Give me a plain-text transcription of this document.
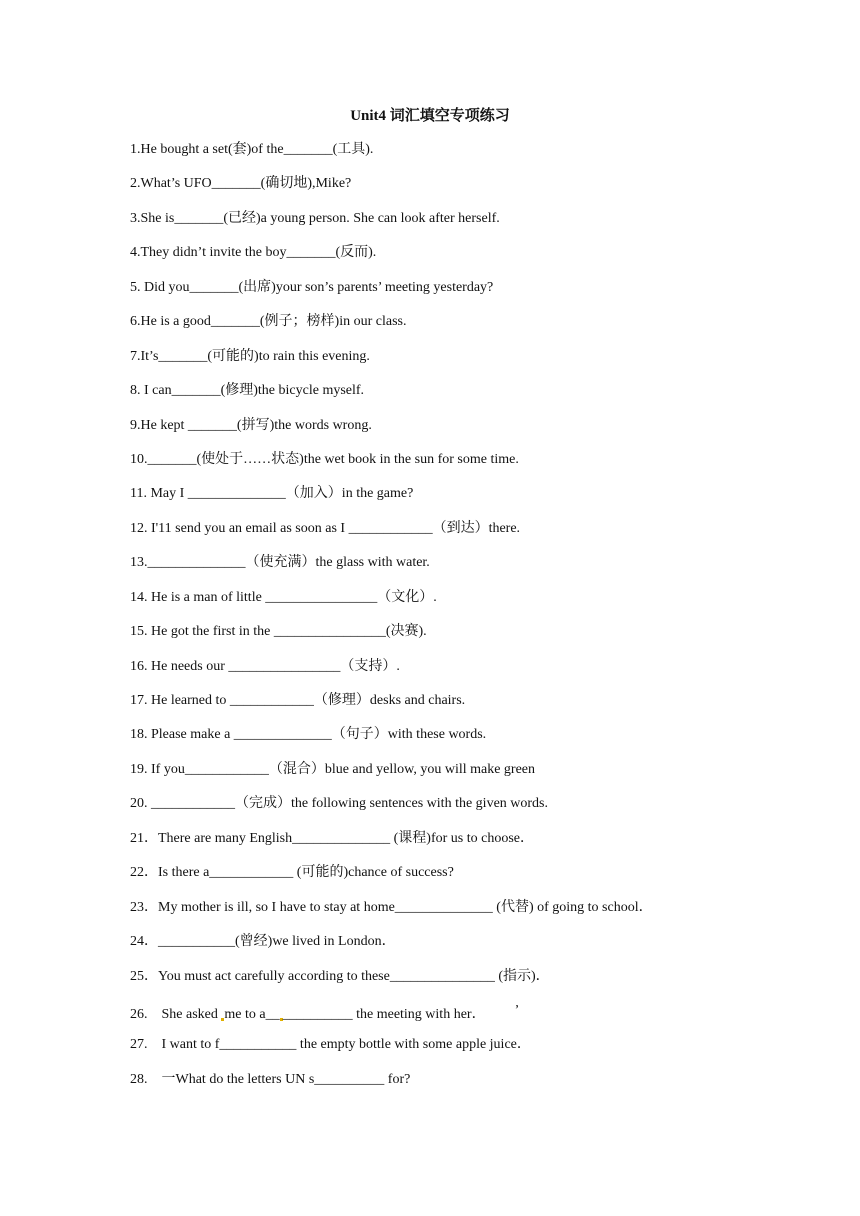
Unit4 词汇填空专项练习
1.He bought a set(套)of the_______(工具).
2.What’s UFO_______(确切地),Mike?
3.She is_______(已经)a young person. She can look after herself.
4.They didn’t invite the boy_______(反而).
5. Did you_______(出席)your son’s parents’ meeting yesterday?
6.He is a good_______(例子；榜样)in our class.
7.It’s_______(可能的)to rain this evening.
8. I can_______(修理)the bicycle myself.
9.He kept _______(拼写)the words wrong.
10._______(使处于……状态)the wet book in the sun for some time.
11. May I ______________（加入）in the game?
12. I'11 send you an email as soon as I ____________（到达）there.
13.______________（使充满）the glass with water.
14. He is a man of little ________________（文化）.
15. He got the first in the ________________(决赛).
16. He needs our ________________（支持）.
17. He learned to ____________（修理）desks and chairs.
18. Please make a ______________（句子）with these words.
19. If you____________（混合）blue and yellow, you will make green
20. ____________（完成）the following sentences with the given words.
21．There are many English______________ (课程)for us to choose．
22．Is there a____________ (可能的)chance of success?
23．My mother is ill, so I have to stay at home______________ (代替) of going to school．
24．___________(曾经)we lived in London．
25．You must act carefully according to these_______________ (指示)．
26.    She asked me to a__ __________ the meeting with her．	’
27.    I want to f___________ the empty bottle with some apple juice．
28.    一What do the letters UN s__________ for?
